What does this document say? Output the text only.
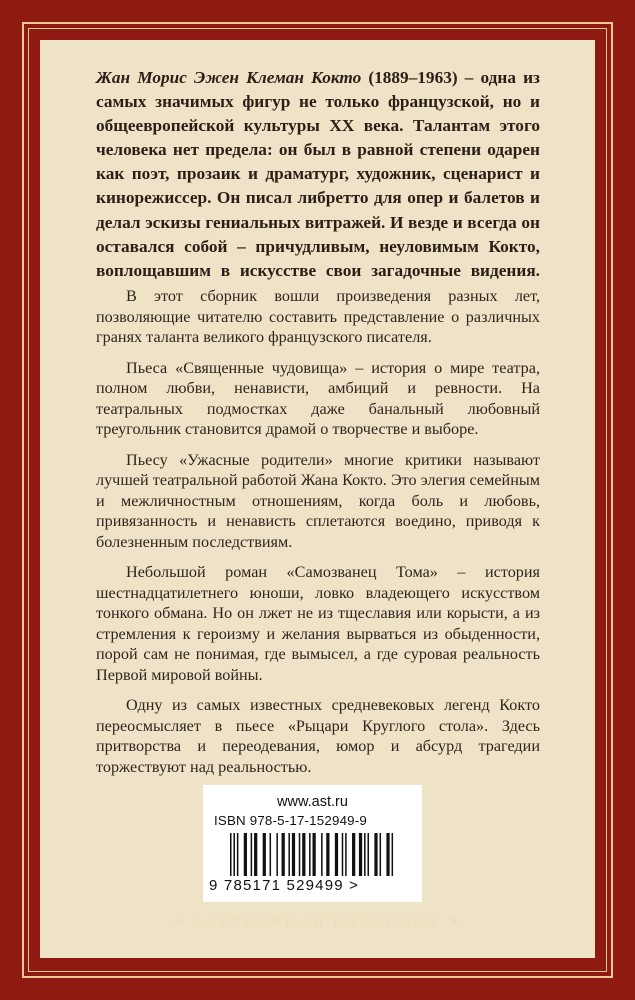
Жан Морис Эжен Клеман Кокто (1889–1963) – одна из самых значимых фигур не только французской, но и общеевропейской культуры XX века. Талантам этого человека нет предела: он был в равной степени одарен как поэт, прозаик и драматург, художник, сценарист и кинорежиссер. Он писал либретто для опер и балетов и делал эскизы гениальных витражей. И везде и всегда он оставался собой – причудливым, неуловимым Кокто, воплощавшим в искусстве свои загадочные видения.

В этот сборник вошли произведения разных лет, позволяющие читателю составить представление о различных гранях таланта великого французского писателя.

Пьеса «Священные чудовища» – история о мире театра, полном любви, ненависти, амбиций и ревности. На театральных подмостках даже банальный любовный треугольник становится драмой о творчестве и выборе.

Пьесу «Ужасные родители» многие критики называют лучшей театральной работой Жана Кокто. Это элегия семейным и межличностным отношениям, когда боль и любовь, привязанность и ненависть сплетаются воедино, приводя к болезненным последствиям.

Небольшой роман «Самозванец Тома» – история шестнадцатилетнего юноши, ловко владеющего искусством тонкого обмана. Но он лжет не из тщеславия или корысти, а из стремления к героизму и желания вырваться из обыденности, порой сам не понимая, где вымысел, а где суровая реальность Первой мировой войны.

Одну из самых известных средневековых легенд Кокто переосмысляет в пьесе «Рыцари Круглого стола». Здесь притворства и переодевания, юмор и абсурд трагедии торжествуют над реальностью.

www.ast.ru
ISBN 978-5-17-152949-9
9 785171 529499 >
❧ ЗАРУБЕЖНАЯ КЛАССИКА ❧
